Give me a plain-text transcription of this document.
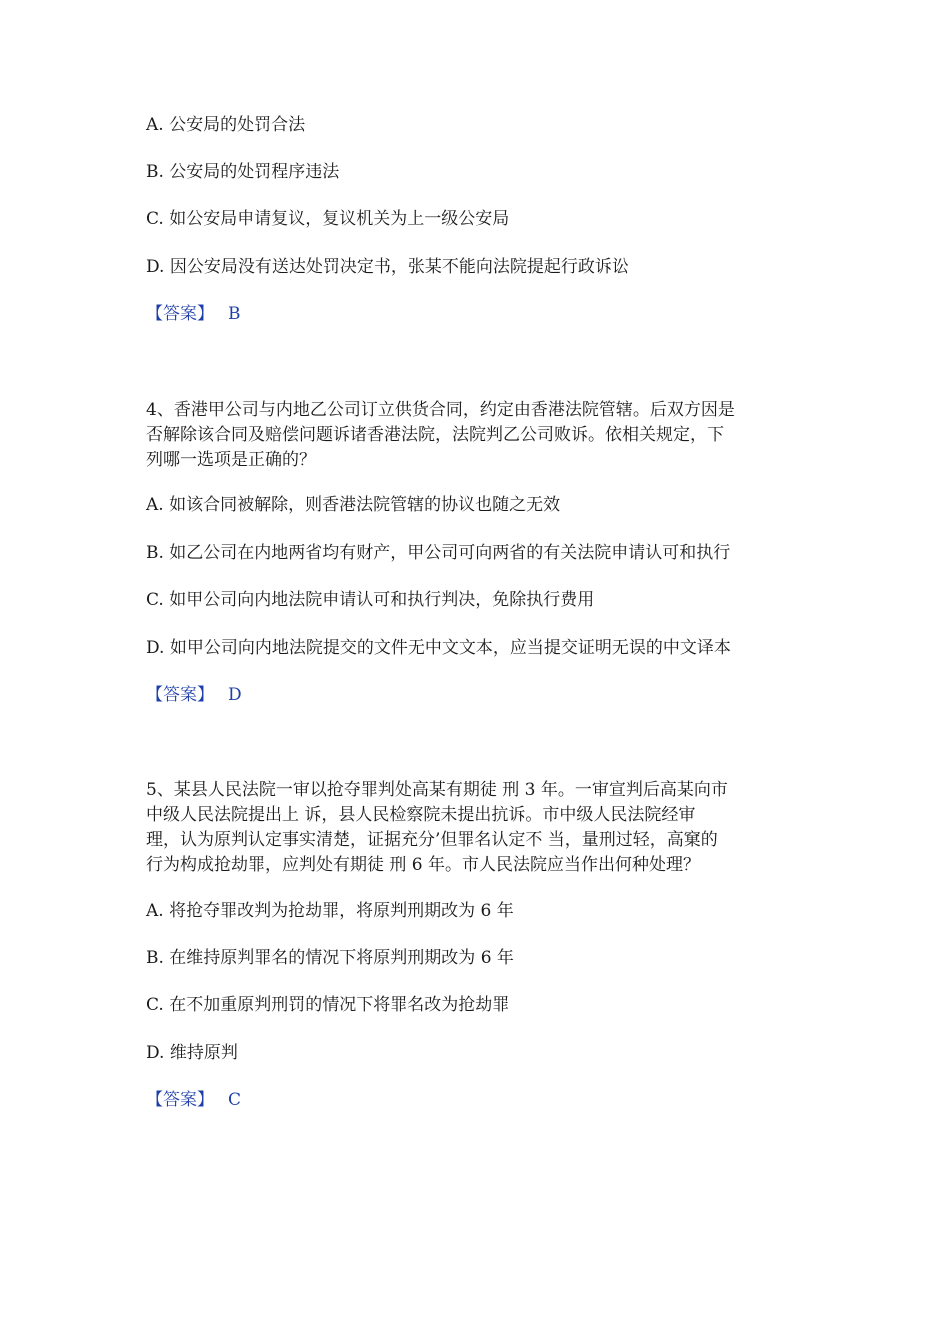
A. 公安局的处罚合法
B. 公安局的处罚程序违法
C. 如公安局申请复议，复议机关为上一级公安局
D. 因公安局没有送达处罚决定书，张某不能向法院提起行政诉讼
【答案】 B
4、香港甲公司与内地乙公司订立供货合同，约定由香港法院管辖。后双方因是
否解除该合同及赔偿问题诉诸香港法院，法院判乙公司败诉。依相关规定，下
列哪一选项是正确的？
A. 如该合同被解除，则香港法院管辖的协议也随之无效
B. 如乙公司在内地两省均有财产，甲公司可向两省的有关法院申请认可和执行
C. 如甲公司向内地法院申请认可和执行判决，免除执行费用
D. 如甲公司向内地法院提交的文件无中文文本，应当提交证明无误的中文译本
【答案】 D
5、某县人民法院一审以抢夺罪判处高某有期徒 刑 3 年。一审宣判后高某向市
中级人民法院提出上 诉，县人民检察院未提出抗诉。市中级人民法院经审
理，认为原判认定事实清楚，证据充分’但罪名认定不 当，量刑过轻，高窠的
行为构成抢劫罪，应判处有期徒 刑 6 年。市人民法院应当作出何种处理？
A. 将抢夺罪改判为抢劫罪，将原判刑期改为 6 年
B. 在维持原判罪名的情况下将原判刑期改为 6 年
C. 在不加重原判刑罚的情况下将罪名改为抢劫罪
D. 维持原判
【答案】 C
